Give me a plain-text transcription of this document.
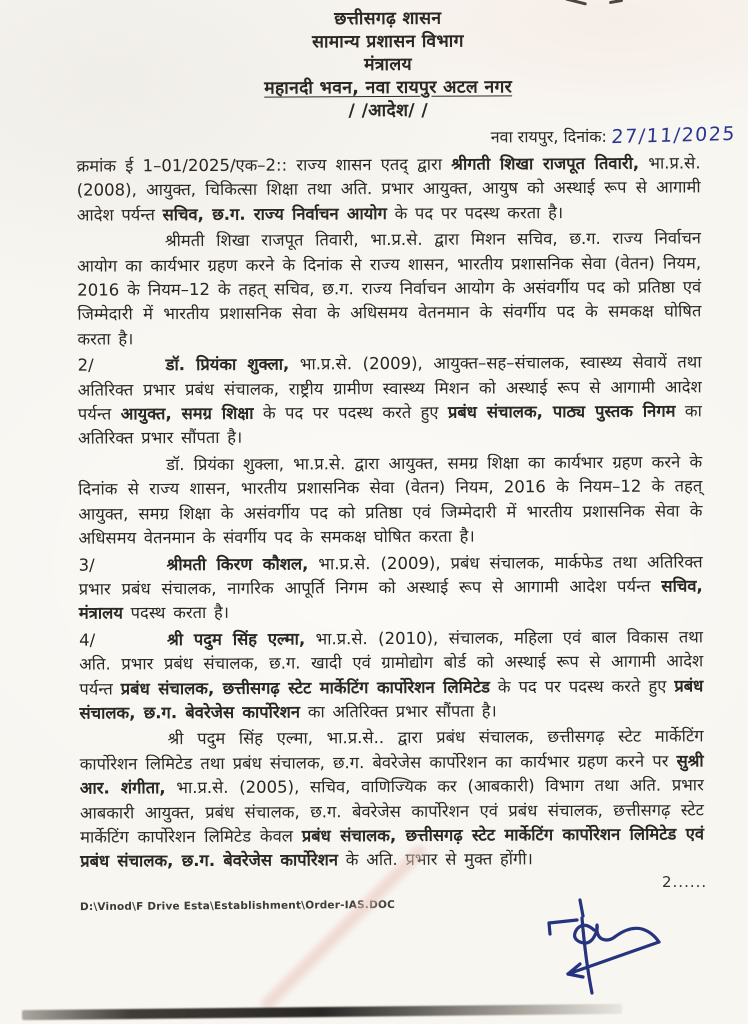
छत्तीसगढ़ शासन
सामान्य प्रशासन विभाग
मंत्रालय
महानदी भवन, नवा रायपुर अटल नगर
/ /आदेश/ /
नवा रायपुर, दिनांक: 27/11/2025

क्रमांक ई 1–01/2025/एक–2:: राज्य शासन एतद् द्वारा श्रीगती शिखा राजपूत तिवारी, भा.प्र.से. (2008), आयुक्त, चिकित्सा शिक्षा तथा अति. प्रभार आयुक्त, आयुष को अस्थाई रूप से आगामी आदेश पर्यन्त सचिव, छ.ग. राज्य निर्वाचन आयोग के पद पर पदस्थ करता है।

श्रीमती शिखा राजपूत तिवारी, भा.प्र.से. द्वारा मिशन सचिव, छ.ग. राज्य निर्वाचन आयोग का कार्यभार ग्रहण करने के दिनांक से राज्य शासन, भारतीय प्रशासनिक सेवा (वेतन) नियम, 2016 के नियम–12 के तहत् सचिव, छ.ग. राज्य निर्वाचन आयोग के असंवर्गीय पद को प्रतिष्ठा एवं जिम्मेदारी में भारतीय प्रशासनिक सेवा के अधिसमय वेतनमान के संवर्गीय पद के समकक्ष घोषित करता है।

2/	डॉ. प्रियंका शुक्ला, भा.प्र.से. (2009), आयुक्त–सह–संचालक, स्वास्थ्य सेवायें तथा अतिरिक्त प्रभार प्रबंध संचालक, राष्ट्रीय ग्रामीण स्वास्थ्य मिशन को अस्थाई रूप से आगामी आदेश पर्यन्त आयुक्त, समग्र शिक्षा के पद पर पदस्थ करते हुए प्रबंध संचालक, पाठ्य पुस्तक निगम का अतिरिक्त प्रभार सौंपता है।

डॉ. प्रियंका शुक्ला, भा.प्र.से. द्वारा आयुक्त, समग्र शिक्षा का कार्यभार ग्रहण करने के दिनांक से राज्य शासन, भारतीय प्रशासनिक सेवा (वेतन) नियम, 2016 के नियम–12 के तहत् आयुक्त, समग्र शिक्षा के असंवर्गीय पद को प्रतिष्ठा एवं जिम्मेदारी में भारतीय प्रशासनिक सेवा के अधिसमय वेतनमान के संवर्गीय पद के समकक्ष घोषित करता है।

3/	श्रीमती किरण कौशल, भा.प्र.से. (2009), प्रबंध संचालक, मार्कफेड तथा अतिरिक्त प्रभार प्रबंध संचालक, नागरिक आपूर्ति निगम को अस्थाई रूप से आगामी आदेश पर्यन्त सचिव, मंत्रालय पदस्थ करता है।

4/	श्री पदुम सिंह एल्मा, भा.प्र.से. (2010), संचालक, महिला एवं बाल विकास तथा अति. प्रभार प्रबंध संचालक, छ.ग. खादी एवं ग्रामोद्योग बोर्ड को अस्थाई रूप से आगामी आदेश पर्यन्त प्रबंध संचालक, छत्तीसगढ़ स्टेट मार्केटिंग कार्पोरेशन लिमिटेड के पद पर पदस्थ करते हुए प्रबंध संचालक, छ.ग. बेवरेजेस कार्पोरेशन का अतिरिक्त प्रभार सौंपता है।

श्री पदुम सिंह एल्मा, भा.प्र.से.. द्वारा प्रबंध संचालक, छत्तीसगढ़ स्टेट मार्केटिंग कार्पोरेशन लिमिटेड तथा प्रबंध संचालक, छ.ग. बेवरेजेस कार्पोरेशन का कार्यभार ग्रहण करने पर सुश्री आर. शंगीता, भा.प्र.से. (2005), सचिव, वाणिज्यिक कर (आबकारी) विभाग तथा अति. प्रभार आबकारी आयुक्त, प्रबंध संचालक, छ.ग. बेवरेजेस कार्पोरेशन एवं प्रबंध संचालक, छत्तीसगढ़ स्टेट मार्केटिंग कार्पोरेशन लिमिटेड केवल प्रबंध संचालक, छत्तीसगढ़ स्टेट मार्केटिंग कार्पोरेशन लिमिटेड एवं प्रबंध संचालक, छ.ग. बेवरेजेस कार्पोरेशन के अति. प्रभार से मुक्त होंगी।

2......
D:\Vinod\F Drive Esta\Establishment\Order-IAS.DOC
